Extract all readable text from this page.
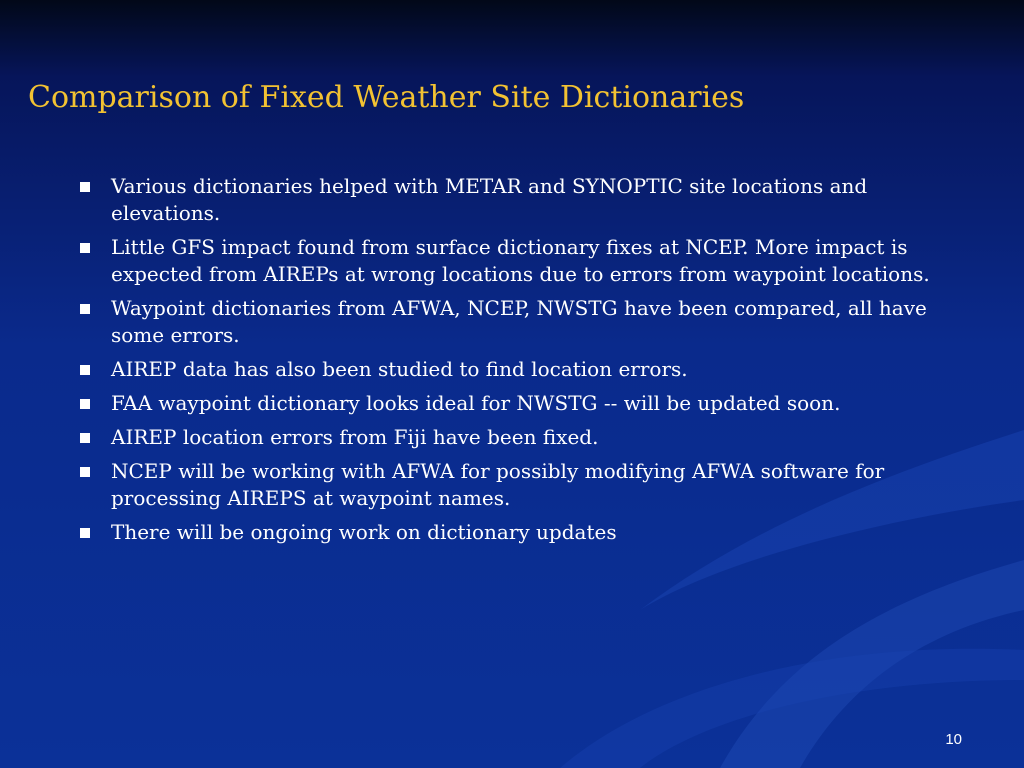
Comparison of Fixed Weather Site Dictionaries
Various dictionaries helped with METAR and SYNOPTIC site locations and elevations.
Little GFS impact found from surface dictionary fixes at NCEP. More impact is expected from AIREPs at wrong locations due to errors from waypoint locations.
Waypoint dictionaries from AFWA, NCEP, NWSTG have been compared, all have some errors.
AIREP data has also been studied to find location errors.
FAA waypoint dictionary looks ideal for NWSTG -- will be updated soon.
AIREP location errors from Fiji have been fixed.
NCEP will be working with AFWA for possibly modifying AFWA software for processing AIREPS at waypoint names.
There will be ongoing work on dictionary updates
10
